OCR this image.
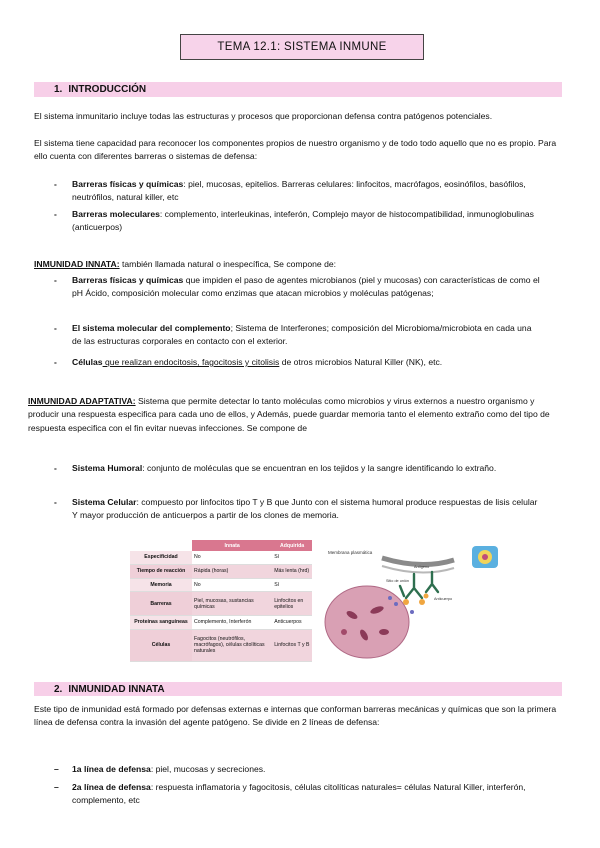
TEMA 12.1: SISTEMA INMUNE
1. INTRODUCCIÓN
El sistema inmunitario incluye todas las estructuras y procesos que proporcionan defensa contra patógenos potenciales.
El sistema tiene capacidad para reconocer los componentes propios de nuestro organismo y de todo todo aquello que no es propio. Para ello cuenta con diferentes barreras o sistemas de defensa:
- Barreras físicas y químicas: piel, mucosas, epitelios. Barreras celulares: linfocitos, macrófagos, eosinófilos, basófilos, neutrófilos, natural killer, etc
- Barreras moleculares: complemento, interleukinas, inteferón, Complejo mayor de histocompatibilidad, inmunoglobulinas (anticuerpos)
INMUNIDAD INNATA: también llamada natural o inespecífica, Se compone de:
- Barreras físicas y químicas que impiden el paso de agentes microbianos (piel y mucosas) con características de como el pH Ácido, composición molecular como enzimas que atacan microbios y moléculas patógenas;
- El sistema molecular del complemento; Sistema de Interferones; composición del Microbioma/microbiota en cada una de las estructuras corporales en contacto con el exterior.
- Células que realizan endocitosis, fagocitosis y citolisis de otros microbios Natural Killer (NK), etc.
INMUNIDAD ADAPTATIVA: Sistema que permite detectar lo tanto moléculas como microbios y virus externos a nuestro organismo y producir una respuesta especifica para cada uno de ellos, y Además, puede guardar memoria tanto el elemento extraño como del tipo de respuesta especifica con el fin evitar nuevas infecciones. Se compone de
- Sistema Humoral: conjunto de moléculas que se encuentran en los tejidos y la sangre identificando lo extraño.
- Sistema Celular: compuesto por linfocitos tipo T y B que Junto con el sistema humoral produce respuestas de lisis celular Y mayor producción de anticuerpos a partir de los clones de memoria.
	Innata	Adquirida
Especificidad	No	Sí
Tiempo de reacción	Rápida (horas)	Más lenta (hrd)
Memoria	No	Sí
Barreras	Piel, mucosas, sustancias químicas	Linfocitos en epitelios
Proteínas sanguíneas	Complemento, Interferón	Anticuerpos
Células	Fagocitos (neutrófilos, macrófagos), células citolíticas naturales	Linfocitos T y B
Membrana plasmática
Antígeno
Sitio de unión
Anticuerpo
2. INMUNIDAD INNATA
Este tipo de inmunidad está formado por defensas externas e internas que conforman barreras mecánicas y químicas que son la primera línea de defensa contra la invasión del agente patógeno. Se divide en 2 líneas de defensa:
– 1a línea de defensa: piel, mucosas y secreciones.
– 2a línea de defensa: respuesta inflamatoria y fagocitosis, células citolíticas naturales= células Natural Killer, interferón, complemento, etc
